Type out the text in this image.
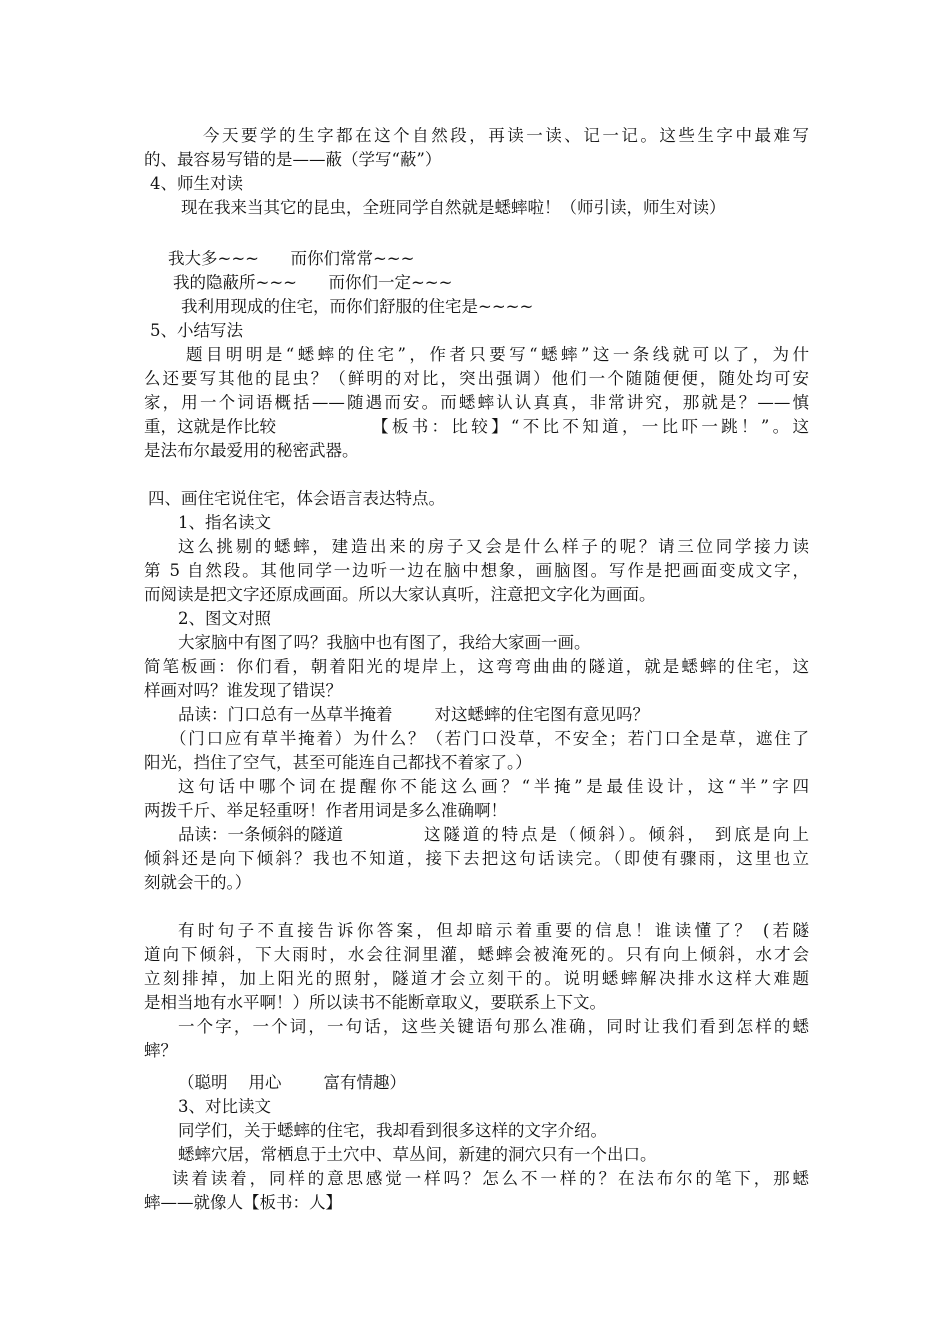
今天要学的生字都在这个自然段，再读一读、记一记。这些生字中最难写
的、最容易写错的是——蔽（学写“蔽”）
4、师生对读
现在我来当其它的昆虫，全班同学自然就是蟋蟀啦！（师引读，师生对读）
我大多~~~      而你们常常~~~
我的隐蔽所~~~      而你们一定~~~
我利用现成的住宅，而你们舒服的住宅是~~~~
5、小结写法
题目明明是“蟋蟀的住宅”，作者只要写“蟋蟀”这一条线就可以了，为什
么还要写其他的昆虫？（鲜明的对比，突出强调）他们一个随随便便，随处均可安
家，用一个词语概括——随遇而安。而蟋蟀认认真真，非常讲究，那就是？——慎
重，这就是作比较	【板书：比较】“不比不知道，一比吓一跳！”。这
是法布尔最爱用的秘密武器。
四、画住宅说住宅，体会语言表达特点。
1、指名读文
这么挑剔的蟋蟀，建造出来的房子又会是什么样子的呢？请三位同学接力读
第 5 自然段。其他同学一边听一边在脑中想象，画脑图。写作是把画面变成文字，
而阅读是把文字还原成画面。所以大家认真听，注意把文字化为画面。
2、图文对照
大家脑中有图了吗？我脑中也有图了，我给大家画一画。
简笔板画：你们看，朝着阳光的堤岸上，这弯弯曲曲的隧道，就是蟋蟀的住宅，这
样画对吗？谁发现了错误？
品读：门口总有一丛草半掩着        对这蟋蟀的住宅图有意见吗？
（门口应有草半掩着）为什么？（若门口没草，不安全；若门口全是草，遮住了
阳光，挡住了空气，甚至可能连自己都找不着家了。）
这句话中哪个词在提醒你不能这么画？“半掩”是最佳设计，这“半”字四
两拨千斤、举足轻重呀！作者用词是多么准确啊！
品读：一条倾斜的隧道	这隧道的特点是（倾斜）。倾斜， 到底是向上
倾斜还是向下倾斜？我也不知道，接下去把这句话读完。（即使有骤雨，这里也立
刻就会干的。）
有时句子不直接告诉你答案，但却暗示着重要的信息！谁读懂了？ (若隧
道向下倾斜，下大雨时，水会往洞里灌，蟋蟀会被淹死的。只有向上倾斜，水才会
立刻排掉，加上阳光的照射，隧道才会立刻干的。说明蟋蟀解决排水这样大难题
是相当地有水平啊！）所以读书不能断章取义，要联系上下文。
一个字，一个词，一句话，这些关键语句那么准确，同时让我们看到怎样的蟋
蟀？
（聪明    用心        富有情趣）
3、对比读文
同学们，关于蟋蟀的住宅，我却看到很多这样的文字介绍。
蟋蟀穴居，常栖息于土穴中、草丛间，新建的洞穴只有一个出口。
读着读着，同样的意思感觉一样吗？怎么不一样的？在法布尔的笔下，那蟋
蟀——就像人【板书：人】
